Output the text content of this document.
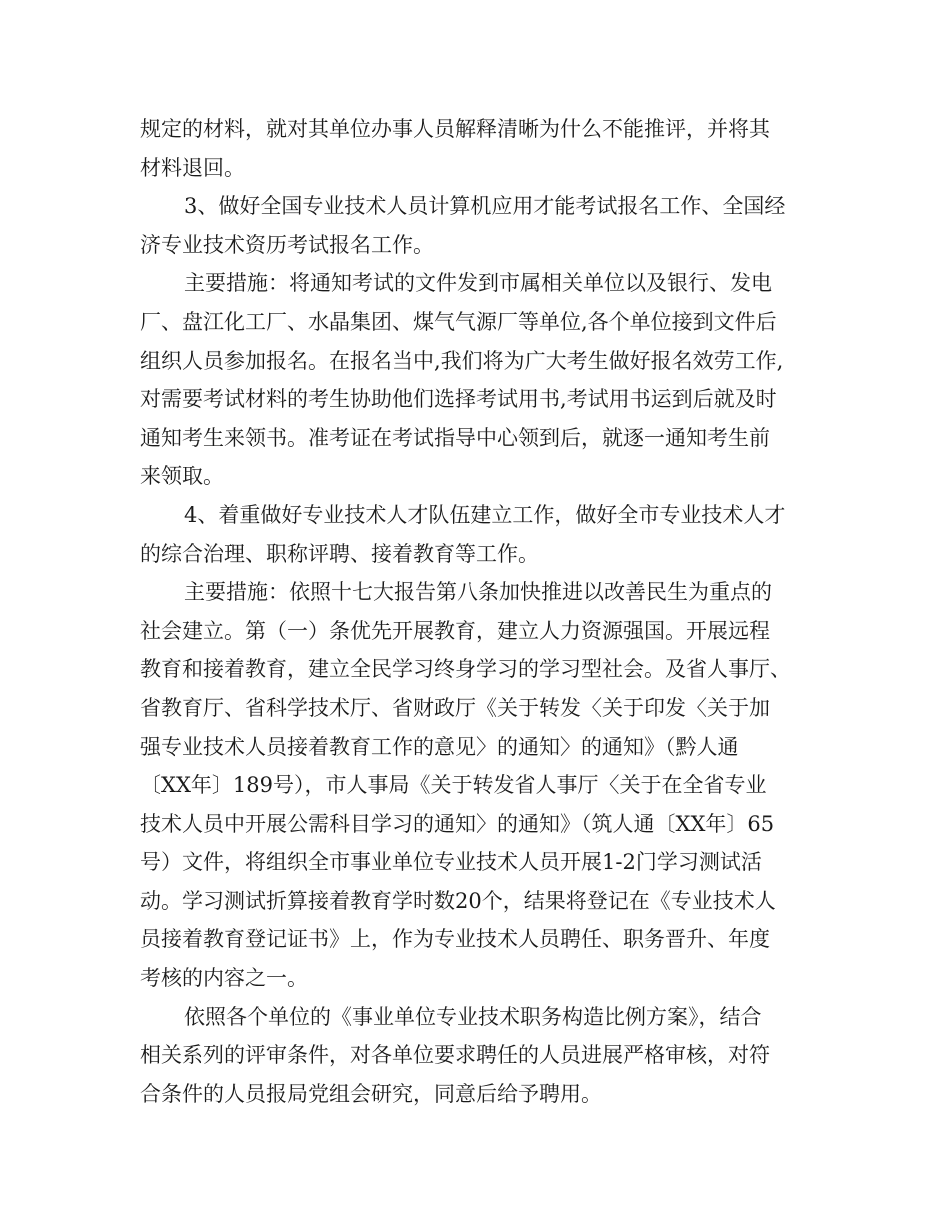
规定的材料，就对其单位办事人员解释清晰为什么不能推评，并将其
材料退回。
3、做好全国专业技术人员计算机应用才能考试报名工作、全国经
济专业技术资历考试报名工作。
主要措施：将通知考试的文件发到市属相关单位以及银行、发电
厂、盘江化工厂、水晶集团、煤气气源厂等单位,各个单位接到文件后
组织人员参加报名。在报名当中,我们将为广大考生做好报名效劳工作,
对需要考试材料的考生协助他们选择考试用书,考试用书运到后就及时
通知考生来领书。准考证在考试指导中心领到后，就逐一通知考生前
来领取。
4、着重做好专业技术人才队伍建立工作，做好全市专业技术人才
的综合治理、职称评聘、接着教育等工作。
主要措施：依照十七大报告第八条加快推进以改善民生为重点的
社会建立。第（一）条优先开展教育，建立人力资源强国。开展远程
教育和接着教育，建立全民学习终身学习的学习型社会。及省人事厅、
省教育厅、省科学技术厅、省财政厅《关于转发〈关于印发〈关于加
强专业技术人员接着教育工作的意见〉的通知〉的通知》（黔人通
〔XX年〕189号），市人事局《关于转发省人事厅〈关于在全省专业
技术人员中开展公需科目学习的通知〉的通知》（筑人通〔XX年〕65
号）文件，将组织全市事业单位专业技术人员开展1-2门学习测试活
动。学习测试折算接着教育学时数20个，结果将登记在《专业技术人
员接着教育登记证书》上，作为专业技术人员聘任、职务晋升、年度
考核的内容之一。
依照各个单位的《事业单位专业技术职务构造比例方案》，结合
相关系列的评审条件，对各单位要求聘任的人员进展严格审核，对符
合条件的人员报局党组会研究，同意后给予聘用。
